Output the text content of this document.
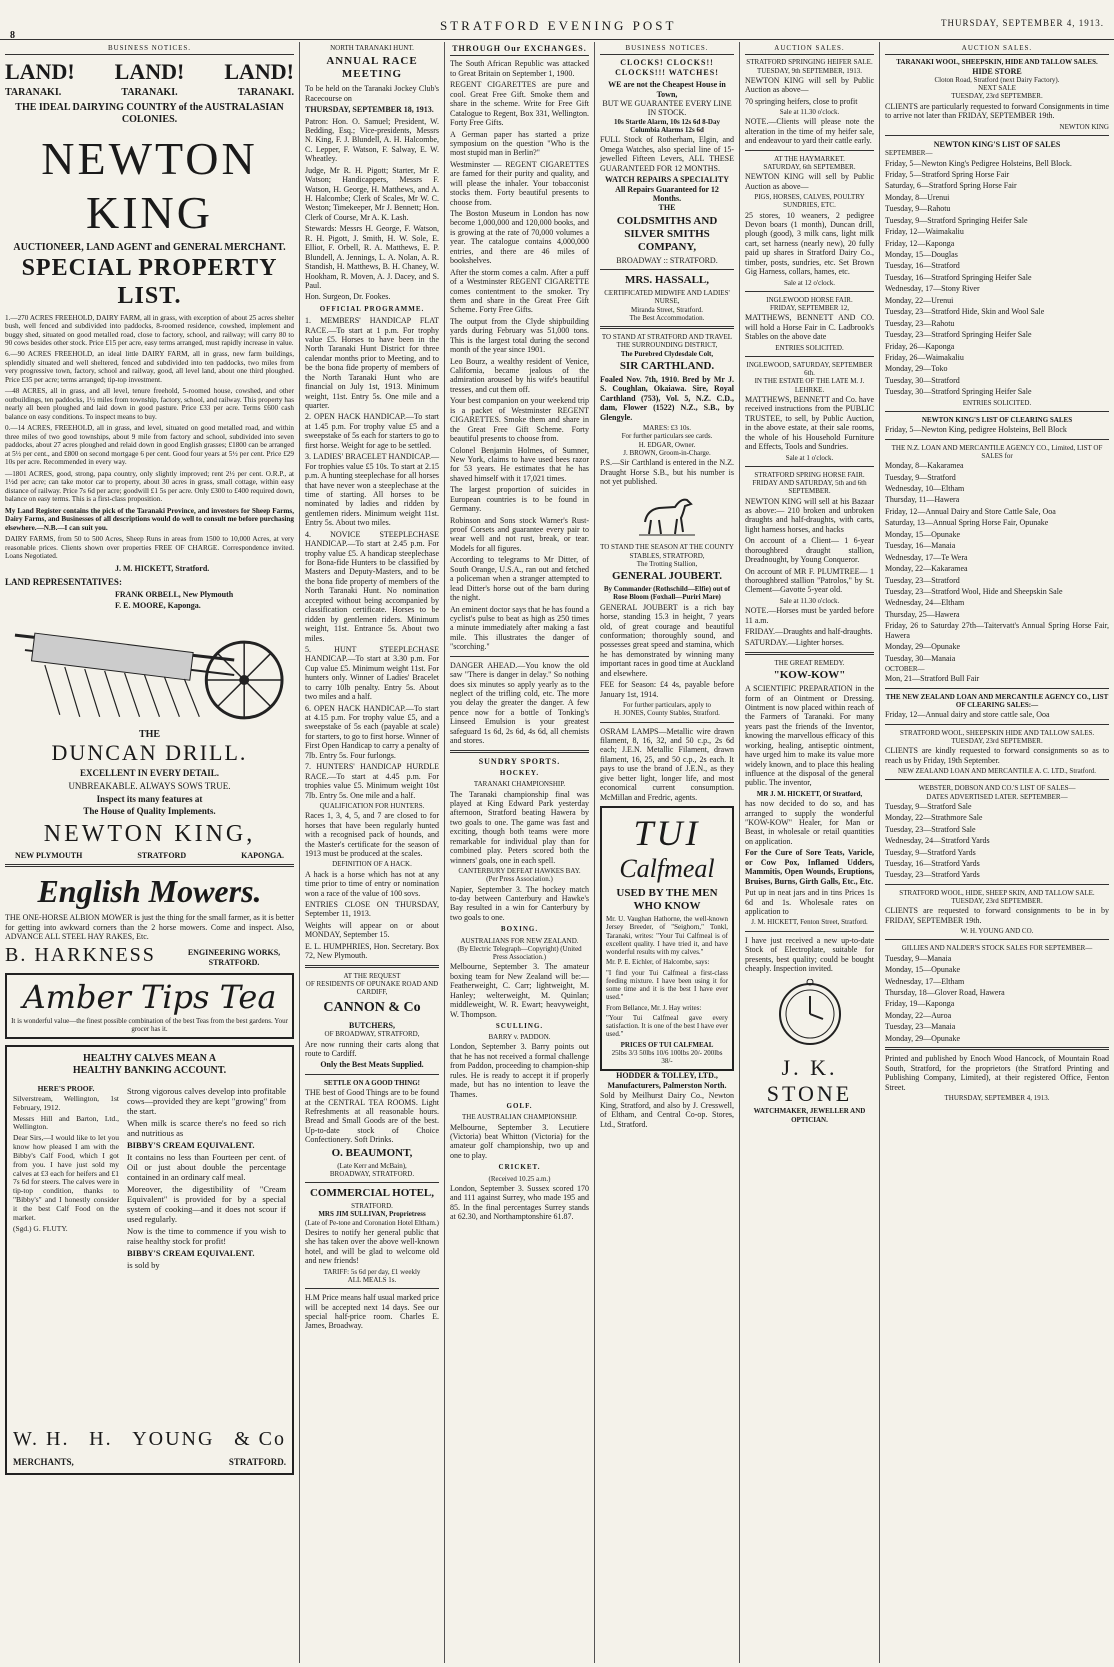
8
STRATFORD EVENING POST	THURSDAY, SEPTEMBER 4, 1913.
BUSINESS NOTICES.
LAND! LAND! LAND!
TARANAKI.	TARANAKI.	TARANAKI.
THE IDEAL DAIRYING COUNTRY of the AUSTRALASIAN COLONIES.
NEWTON KING
AUCTIONEER, LAND AGENT and GENERAL MERCHANT.
SPECIAL PROPERTY LIST.
1.—270 ACRES FREEHOLD, DAIRY FARM, all in grass, with exception of about 25 acres shelter bush, well fenced and subdivided into paddocks, 8-roomed residence, cowshed, implement and buggy shed, situated on good metalled road, close to factory, school, and railway; will carry 80 to 90 cows besides other stock. Price £15 per acre, easy terms arranged, must rapidly increase in value.
6.—90 ACRES FREEHOLD, an ideal little DAIRY FARM, all in grass, new farm buildings, splendidly situated and well sheltered, fenced and subdivided into ten paddocks, two miles from very progressive town, factory, school and railway, good, all level land, about one third ploughed. Price £35 per acre; terms arranged; tip-top investment.
—48 ACRES, all in grass, and all level, tenure freehold, 5-roomed house, cowshed, and other outbuildings, ten paddocks, 1½ miles from township, factory, school, and railway. This property has nearly all been ploughed and laid down in good pasture. Price £33 per acre. Terms £600 cash balance on easy conditions. To inspect means to buy.
0.—14 ACRES, FREEHOLD, all in grass, and level, situated on good metalled road, and within three miles of two good townships, about 9 mile from factory and school, subdivided into seven paddocks, about 27 acres ploughed and relaid down in good English grasses; £1800 can be arranged at 5½ per cent., and £800 on second mortgage 6 per cent. Good four years at 5½ per cent. Price £29 10s per acre. Recommended in every way.
—1801 ACRES, good, strong, papa country, only slightly improved; rent 2½ per cent. O.R.P., at 1½d per acre; can take motor car to property, about 30 acres in grass, small cottage, within easy distance of railway. Price 7s 6d per acre; goodwill £1 5s per acre. Only £300 to £400 required down, balance on easy terms. This is a first-class proposition.
My Land Register contains the pick of the Taranaki Province, and investors for Sheep Farms, Dairy Farms, and Businesses of all descriptions would do well to consult me before purchasing elsewhere.—N.B.—I can suit you.
DAIRY FARMS, from 50 to 500 Acres, Sheep Runs in areas from 1500 to 10,000 Acres, at very reasonable prices. Clients shown over properties FREE OF CHARGE. Correspondence invited. Loans Negotiated.
J. M. HICKETT, Stratford.
LAND REPRESENTATIVES:
FRANK ORBELL, New Plymouth
F. E. MOORE, Kaponga.
THE
DUNCAN DRILL.
EXCELLENT IN EVERY DETAIL.
UNBREAKABLE. ALWAYS SOWS TRUE.
Inspect its many features at
The House of Quality Implements.
NEWTON KING,
NEW PLYMOUTH	STRATFORD	KAPONGA.
English Mowers.
THE ONE-HORSE ALBION MOWER is just the thing for the small farmer, as it is better for getting into awkward corners than the 2 horse mowers. Come and inspect. Also, ADVANCE ALL STEEL HAY RAKES, Etc.
B. HARKNESS	ENGINEERING WORKS, STRATFORD.
Amber Tips Tea
It is wonderful value—the finest possible combination of the best Teas from the best gardens. Your grocer has it.
HEALTHY CALVES MEAN A
HEALTHY BANKING ACCOUNT.
HERE'S PROOF.

Silverstream, Wellington, 1st February, 1912.

Messrs Hill and Barton, Ltd., Wellington.

Dear Sirs,—I would like to let you know how pleased I am with the Bibby's Calf Food, which I got from you. I have just sold my calves at £3 each for heifers and £1 7s 6d for steers. The calves were in tip-top condition, thanks to "Bibby's" and I honestly consider it the best Calf Food on the market.

(Sgd.) G. FLUTY.

Strong vigorous calves develop into profitable cows—provided they are kept "growing" from the start.

When milk is scarce there's no feed so rich and nutritious as

BIBBY'S CREAM EQUIVALENT.

It contains no less than Fourteen per cent. of Oil or just about double the percentage contained in an ordinary calf meal.

Moreover, the digestibility of "Cream Equivalent" is provided for by a special system of cooking—and it does not scour if used regularly.

Now is the time to commence if you wish to raise healthy stock for profit!

BIBBY'S CREAM EQUIVALENT.

is sold by

W. H. H. YOUNG & Co
MERCHANTS,	STRATFORD.
NORTH TARANAKI HUNT.
ANNUAL RACE MEETING

To be held on the Taranaki Jockey Club's Racecourse on

THURSDAY, SEPTEMBER 18, 1913.

Patron: Hon. O. Samuel; President, W. Bedding, Esq.; Vice-presidents, Messrs N. King, F. J. Blundell, A. H. Halcombe, C. Lepper, F. Watson, F. Salway, E. W. Wheatley.

Judge, Mr R. H. Pigott; Starter, Mr F. Watson; Handicappers, Messrs F. Watson, H. George, H. Matthews, and A. H. Halcombe; Clerk of Scales, Mr W. C. Weston; Timekeeper, Mr J. Bennett; Hon. Clerk of Course, Mr A. K. Lash.

Stewards: Messrs H. George, F. Watson, R. H. Pigott, J. Smith, H. W. Sole, E. Elliot, F. Orbell, R. A. Matthews, E. P. Blundell, A. Jennings, L. A. Nolan, A. R. Standish, H. Matthews, B. H. Chaney, W. Hookham, R. Moven, A. J. Dacey, and S. Paul.

Hon. Surgeon, Dr. Fookes.

OFFICIAL PROGRAMME.

1. MEMBERS' HANDICAP FLAT RACE.—To start at 1 p.m. For trophy value £5. Horses to have been in the North Taranaki Hunt District for three calendar months prior to Meeting, and to be the bona fide property of members of the North Taranaki Hunt who are financial on July 1st, 1913. Minimum weight, 11st. Entry 5s. One mile and a quarter.

2. OPEN HACK HANDICAP.—To start at 1.45 p.m. For trophy value £5 and a sweepstake of 5s each for starters to go to first horse. Weight for age to be settled.

3. LADIES' BRACELET HANDICAP.—For trophies value £5 10s. To start at 2.15 p.m. A hunting steeplechase for all horses that have never won a steeplechase at the time of starting. All horses to be nominated by ladies and ridden by gentlemen riders. Minimum weight 11st. Entry 5s. About two miles.

4. NOVICE STEEPLECHASE HANDICAP.—To start at 2.45 p.m. For trophy value £5. A handicap steeplechase for Bona-fide Hunters to be classified by Masters and Deputy-Masters, and to be the bona fide property of members of the North Taranaki Hunt. No nomination accepted without being accompanied by classification certificate. Horses to be ridden by gentlemen riders. Minimum weight, 11st. Entrance 5s. About two miles.

5. HUNT STEEPLECHASE HANDICAP.—To start at 3.30 p.m. For Cup value £5. Minimum weight 11st. For hunters only. Winner of Ladies' Bracelet to carry 10lb penalty. Entry 5s. About two miles and a half.

6. OPEN HACK HANDICAP.—To start at 4.15 p.m. For trophy value £5, and a sweepstake of 5s each (payable at scale) for starters, to go to first horse. Winner of First Open Handicap to carry a penalty of 7lb. Entry 5s. Four furlongs.

7. HUNTERS' HANDICAP HURDLE RACE.—To start at 4.45 p.m. For trophies value £5. Minimum weight 10st 7lb. Entry 5s. One mile and a half.

QUALIFICATION FOR HUNTERS.

Races 1, 3, 4, 5, and 7 are closed to for horses that have been regularly hunted with a recognised pack of hounds, and the Master's certificate for the season of 1913 must be produced at the scales.

DEFINITION OF A HACK.

A hack is a horse which has not at any time prior to time of entry or nomination won a race of the value of 100 sovs.

ENTRIES CLOSE ON THURSDAY, September 11, 1913.

Weights will appear on or about MONDAY, September 15.

E. L. HUMPHRIES, Hon. Secretary. Box 72, New Plymouth.

AT THE REQUEST
OF RESIDENTS OF OPUNAKE ROAD AND CARDIFF,
CANNON & Co
BUTCHERS,
OF BROADWAY, STRATFORD,

Are now running their carts along that route to Cardiff.

Only the Best Meats Supplied.
SETTLE ON A GOOD THING!

THE best of Good Things are to be found at the CENTRAL TEA ROOMS. Light Refreshments at all reasonable hours. Bread and Small Goods are of the best. Up-to-date stock of Choice Confectionery. Soft Drinks.

O. BEAUMONT,
(Late Kerr and McBain),
BROADWAY, STRATFORD.
COMMERCIAL HOTEL,
STRATFORD.
MRS JIM SULLIVAN, Proprietress
(Late of Pe-tone and Coronation Hotel Eltham.)

Desires to notify her general public that she has taken over the above well-known hotel, and will be glad to welcome old and new friends!

TARIFF: 5s 6d per day, £1 weekly
ALL MEALS 1s.

H.M Price means half usual marked price will be accepted next 14 days. See our special half-price room. Charles E. James, Broadway.

THROUGH Our EXCHANGES.

The South African Republic was attacked to Great Britain on September 1, 1900.

REGENT CIGARETTES are pure and cool. Great Free Gift. Smoke them and share in the scheme. Write for Free Gift Catalogue to Regent, Box 331, Wellington. Forty Free Gifts.

A German paper has started a prize symposium on the question "Who is the most stupid man in Berlin?"

Westminster — REGENT CIGARETTES are famed for their purity and quality, and will please the inhaler. Your tobacconist stocks them. Forty beautiful presents to choose from.

The Boston Museum in London has now become 1,000,000 and 120,000 books, and is growing at the rate of 70,000 volumes a year. The catalogue contains 4,000,000 entries, and there are 46 miles of bookshelves.

After the storm comes a calm. After a puff of a Westminster REGENT CIGARETTE comes contentment to the smoker. Try them and share in the Great Free Gift Scheme. Forty Free Gifts.

The output from the Clyde shipbuilding yards during February was 51,000 tons. This is the largest total during the second month of the year since 1901.

Leo Bourz, a wealthy resident of Venice, California, became jealous of the admiration aroused by his wife's beautiful tresses, and cut them off.

Your best companion on your weekend trip is a packet of Westminster REGENT CIGARETTES. Smoke them and share in the Great Free Gift Scheme. Forty beautiful presents to choose from.

Colonel Benjamin Holmes, of Sumner, New York, claims to have used bees razor for 53 years. He estimates that he has shaved himself with it 17,021 times.

The largest proportion of suicides in European countries is to be found in Germany.

Robinson and Sons stock Warner's Rust-proof Corsets and guarantee every pair to wear well and not rust, break, or tear. Models for all figures.

According to telegrams to Mr Ditter, of South Orange, U.S.A., ran out and fetched a policeman when a stranger attempted to lead Ditter's horse out of the barn during the night.

An eminent doctor says that he has found a cyclist's pulse to beat as high as 250 times a minute immediately after making a fast mile. This illustrates the danger of "scorching."

DANGER AHEAD.—You know the old saw "There is danger in delay." So nothing does six minutes so apply yearly as to the neglect of the trifling cold, etc. The more you delay the greater the danger. A few pence now for a bottle of Tonking's Linseed Emulsion is your greatest safeguard 1s 6d, 2s 6d, 4s 6d, all chemists and stores.

SUNDRY SPORTS.
HOCKEY.
TARANAKI CHAMPIONSHIP.

The Taranaki championship final was played at King Edward Park yesterday afternoon, Stratford beating Hawera by two goals to one. The game was fast and exciting, though both teams were more remarkable for individual play than for combined play. Peters scored both the winners' goals, one in each spell.

CANTERBURY DEFEAT HAWKES BAY.
(Per Press Association.)

Napier, September 3. The hockey match to-day between Canterbury and Hawke's Bay resulted in a win for Canterbury by two goals to one.

BOXING.
AUSTRALIANS FOR NEW ZEALAND.
(By Electric Telegraph—Copyright) (United Press Association.)

Melbourne, September 3. The amateur boxing team for New Zealand will be:—Featherweight, C. Carr; lightweight, M. Hanley; welterweight, M. Quinlan; middleweight, W. R. Ewart; heavyweight, W. Thompson.

SCULLING.
BARRY v. PADDON.

London, September 3. Barry points out that he has not received a formal challenge from Paddon, proceeding to champion-ship rules. He is ready to accept it if properly made, but has no intention to leave the Thames.

GOLF.
THE AUSTRALIAN CHAMPIONSHIP.

Melbourne, September 3. Lecutiere (Victoria) beat Whitton (Victoria) for the amateur golf championship, two up and one to play.

CRICKET.
(Received 10.25 a.m.)

London, September 3. Sussex scored 170 and 111 against Surrey, who made 195 and 85. In the final percentages Surrey stands at 62.30, and Northamptonshire 61.87.

BUSINESS NOTICES.
CLOCKS! CLOCKS!! CLOCKS!!! WATCHES!
WE are not the Cheapest House in Town,
BUT WE GUARANTEE EVERY LINE IN STOCK.
10s Startle Alarm, 10s 12s 6d 8-Day Columbia Alarms 12s 6d

FULL Stock of Rotherham, Elgin, and Omega Watches, also special line of 15-jewelled Fifteen Levers, ALL THESE GUARANTEED FOR 12 MONTHS.

WATCH REPAIRS A SPECIALITY All Repairs Guaranteed for 12 Months.
THE
COLDSMITHS AND SILVER SMITHS COMPANY,
BROADWAY :: STRATFORD.
MRS. HASSALL,
CERTIFICATED MIDWIFE AND LADIES' NURSE,
Miranda Street, Stratford.
The Best Accommodation.
TO STAND AT STRATFORD AND TRAVEL THE SURROUNDING DISTRICT,
The Purebred Clydesdale Colt,
SIR CARTHLAND.

Foaled Nov. 7th, 1910. Bred by Mr J. S. Coughlan, Okaiawa. Sire, Royal Carthland (753), Vol. 5, N.Z. C.D., dam, Flower (1522) N.Z., S.B., by Glengyle.

MARES: £3 10s.
For further particulars see cards.
H. EDGAR, Owner.
J. BROWN, Groom-in-Charge.

P.S.—Sir Carthland is entered in the N.Z. Draught Horse S.B., but his number is not yet published.

TO STAND THE SEASON AT THE COUNTY STABLES, STRATFORD,
The Trotting Stallion,
GENERAL JOUBERT.
By Commander (Rothschild—Elfie) out of Rose Bloom (Foxhall—Puriri Mare)

GENERAL JOUBERT is a rich bay horse, standing 15.3 in height, 7 years old, of great courage and beautiful conformation; thoroughly sound, and possesses great speed and stamina, which he has demonstrated by winning many important races in good time at Auckland and elsewhere.

FEE for Season: £4 4s, payable before January 1st, 1914.

For further particulars, apply to
H. JONES, County Stables, Stratford.

OSRAM LAMPS—Metallic wire drawn filament, 8, 16, 32, and 50 c.p., 2s 6d each; J.E.N. Metallic Filament, drawn filament, 16, 25, and 50 c.p., 2s each. It pays to use the brand of J.E.N., as they give better light, longer life, and most economical current consumption. McMillan and Fredric, agents.

TUI
Calfmeal
USED BY THE MEN WHO KNOW

Mr. U. Vaughan Hathorne, the well-known Jersey Breeder, of "Seighorn," Tonkl, Taranaki, writes: "Your Tui Calfmeal is of excellent quality. I have tried it, and have wonderful results with my calves."

Mr. P. E. Eichler, of Halcombe, says:

"I find your Tui Calfmeal a first-class feeding mixture. I have been using it for some time and it is the best I have ever used."

From Bellance, Mr. J. Hay writes:

"Your Tui Calfmeal gave every satisfaction. It is one of the best I have ever used."

PRICES OF TUI CALFMEAL
25lbs 3/3 50lbs 10/6 100lbs 20/- 200lbs 38/-
HODDER & TOLLEY, LTD., Manufacturers, Palmerston North.

Sold by Meilhurst Dairy Co., Newton King, Stratford, and also by J. Cresswell, of Eltham, and Central Co-op. Stores, Ltd., Stratford.

AUCTION SALES.
STRATFORD SPRINGING HEIFER SALE.
TUESDAY, 9th SEPTEMBER, 1913.

NEWTON KING will sell by Public Auction as above—

70 springing heifers, close to profit

Sale at 11.30 o'clock.

NOTE.—Clients will please note the alteration in the time of my heifer sale, and endeavour to yard their cattle early.

AT THE HAYMARKET.
SATURDAY, 6th SEPTEMBER.

NEWTON KING will sell by Public Auction as above—

PIGS, HORSES, CALVES, POULTRY SUNDRIES, ETC.

25 stores, 10 weaners, 2 pedigree Devon boars (1 month), Duncan drill, plough (good), 3 milk cans, light milk cart, set harness (nearly new), 20 fully paid up shares in Stratford Dairy Co., timber, posts, sundries, etc. Set Brown Gig Harness, collars, hames, etc.

Sale at 12 o'clock.
INGLEWOOD HORSE FAIR.
FRIDAY, SEPTEMBER 12,

MATTHEWS, BENNETT AND CO. will hold a Horse Fair in C. Ladbrook's Stables on the above date

ENTRIES SOLICITED.
INGLEWOOD, SATURDAY, SEPTEMBER 6th.
IN THE ESTATE OF THE LATE M. J. LEHRKE.

MATTHEWS, BENNETT and Co. have received instructions from the PUBLIC TRUSTEE, to sell, by Public Auction, in the above estate, at their sale rooms, the whole of his Household Furniture and Effects, Tools and Sundries.

Sale at 1 o'clock.
STRATFORD SPRING HORSE FAIR.
FRIDAY AND SATURDAY, 5th and 6th SEPTEMBER.

NEWTON KING will sell at his Bazaar as above:— 210 broken and unbroken draughts and half-draughts, with carts, light harness horses, and hacks

On account of a Client— 1 6-year thoroughbred draught stallion, Dreadnought, by Young Conqueror.

On account of MR F. PLUMTREE— 1 thoroughbred stallion "Patrolos," by St. Clement—Gavotte 5-year old.

Sale at 11.30 o'clock.

NOTE.—Horses must be yarded before 11 a.m.

FRIDAY.—Draughts and half-draughts.

SATURDAY.—Lighter horses.

THE GREAT REMEDY.
"KOW-KOW"

A SCIENTIFIC PREPARATION in the form of an Ointment or Dressing. Ointment is now placed within reach of the Farmers of Taranaki. For many years past the friends of the Inventor, knowing the marvellous efficacy of this working, healing, antiseptic ointment, have urged him to make its value more widely known, and to place this healing influence at the disposal of the general public. The inventor,

MR J. M. HICKETT, Of Stratford,

has now decided to do so, and has arranged to supply the wonderful "KOW-KOW" Healer, for Man or Beast, in wholesale or retail quantities on application.

For the Cure of Sore Teats, Varicle, or Cow Pox, Inflamed Udders, Mammitis, Open Wounds, Eruptions, Bruises, Burns, Girth Galls, Etc., Etc.

Put up in neat jars and in tins Prices 1s 6d and 1s. Wholesale rates on application to

J. M. HICKETT, Fenton Street, Stratford.

I have just received a new up-to-date Stock of Electroplate, suitable for presents, best quality; could be bought cheaply. Inspection invited.

J. K. STONE
WATCHMAKER, JEWELLER AND OPTICIAN.
AUCTION SALES.
TARANAKI WOOL, SHEEPSKIN, HIDE AND TALLOW SALES.
HIDE STORE
Cloton Road, Stratford (next Dairy Factory).
NEXT SALE
TUESDAY, 23rd SEPTEMBER.

CLIENTS are particularly requested to forward Consignments in time to arrive not later than FRIDAY, SEPTEMBER 19th.

NEWTON KING
NEWTON KING'S LIST OF SALES
SEPTEMBER—
Friday, 5—Newton King's Pedigree Holsteins, Bell Block.
Friday, 5—Stratford Spring Horse Fair
Saturday, 6—Stratford Spring Horse Fair
Monday, 8—Urenui
Tuesday, 9—Rahotu
Tuesday, 9—Stratford Springing Heifer Sale
Friday, 12—Waimakaliu
Friday, 12—Kaponga
Monday, 15—Douglas
Tuesday, 16—Stratford
Tuesday, 16—Stratford Springing Heifer Sale
Wednesday, 17—Stony River
Monday, 22—Urenui
Tuesday, 23—Stratford Hide, Skin and Wool Sale
Tuesday, 23—Rahotu
Tuesday, 23—Stratford Springing Heifer Sale
Friday, 26—Kaponga
Friday, 26—Waimakaliu
Monday, 29—Toko
Tuesday, 30—Stratford
Tuesday, 30—Stratford Springing Heifer Sale
ENTRIES SOLICITED.
NEWTON KING'S LIST OF CLEARING SALES
Friday, 5—Newton King, pedigree Holsteins, Bell Block
THE N.Z. LOAN AND MERCANTILE AGENCY CO., Limited, LIST OF SALES for
Monday, 8—Kakaramea
Tuesday, 9—Stratford
Wednesday, 10—Eltham
Thursday, 11—Hawera
Friday, 12—Annual Dairy and Store Cattle Sale, Ooa
Saturday, 13—Annual Spring Horse Fair, Opunake
Monday, 15—Opunake
Tuesday, 16—Manaia
Wednesday, 17—Te Wera
Monday, 22—Kakaramea
Tuesday, 23—Stratford
Tuesday, 23—Stratford Wool, Hide and Sheepskin Sale
Wednesday, 24—Eltham
Thursday, 25—Hawera
Friday, 26 to Saturday 27th—Taitervatt's Annual Spring Horse Fair, Hawera
Monday, 29—Opunake
Tuesday, 30—Manaia
OCTOBER—
Mon, 21—Stratford Bull Fair
THE NEW ZEALAND LOAN AND MERCANTILE AGENCY CO., LIST OF CLEARING SALES:—
Friday, 12—Annual dairy and store cattle sale, Ooa
STRATFORD WOOL, SHEEPSKIN HIDE AND TALLOW SALES.
TUESDAY, 23rd SEPTEMBER.

CLIENTS are kindly requested to forward consignments so as to reach us by Friday, 19th September.

NEW ZEALAND LOAN AND MERCANTILE A. C. LTD., Stratford.
WEBSTER, DOBSON AND CO.'S LIST OF SALES—
DATES ADVERTISED LATER. SEPTEMBER—
Tuesday, 9—Stratford Sale
Monday, 22—Strathmore Sale
Tuesday, 23—Stratford Sale
Wednesday, 24—Stratford Yards
Tuesday, 9—Stratford Yards
Tuesday, 16—Stratford Yards
Tuesday, 23—Stratford Yards
STRATFORD WOOL, HIDE, SHEEP SKIN, AND TALLOW SALE.
TUESDAY, 23rd SEPTEMBER.

CLIENTS are requested to forward consignments to be in by FRIDAY, SEPTEMBER 19th.

W. H. YOUNG AND CO.
GILLIES AND NALDER'S STOCK SALES FOR SEPTEMBER—
Tuesday, 9—Manaia
Monday, 15—Opunake
Wednesday, 17—Eltham
Thursday, 18—Glover Road, Hawera
Friday, 19—Kaponga
Monday, 22—Auroa
Tuesday, 23—Manaia
Monday, 29—Opunake

Printed and published by Enoch Wood Hancock, of Mountain Road South, Stratford, for the proprietors (the Stratford Printing and Publishing Company, Limited), at their registered Office, Fenton Street.

THURSDAY, SEPTEMBER 4, 1913.
